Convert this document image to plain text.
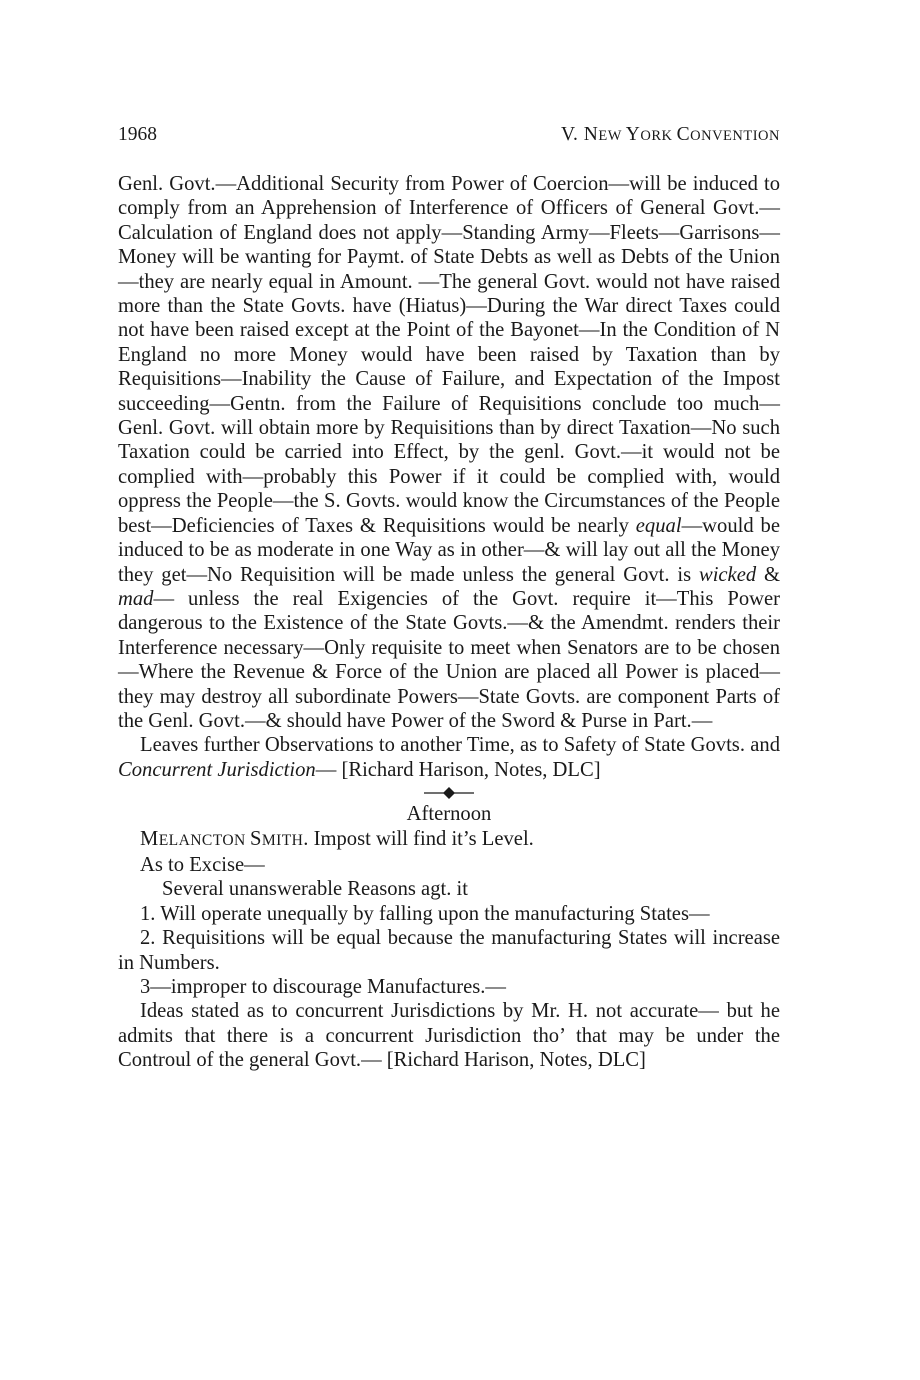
1968	V. NEW YORK CONVENTION

Genl. Govt.—Additional Security from Power of Coercion—will be induced to comply from an Apprehension of Interference of Officers of General Govt.—Calculation of England does not apply—Standing Army—Fleets—Garrisons—Money will be wanting for Paymt. of State Debts as well as Debts of the Union—they are nearly equal in Amount. —The general Govt. would not have raised more than the State Govts. have (Hiatus)—During the War direct Taxes could not have been raised except at the Point of the Bayonet—In the Condition of N England no more Money would have been raised by Taxation than by Requisitions—Inability the Cause of Failure, and Expectation of the Impost succeeding—Gentn. from the Failure of Requisitions conclude too much—Genl. Govt. will obtain more by Requisitions than by direct Taxation—No such Taxation could be carried into Effect, by the genl. Govt.—it would not be complied with—probably this Power if it could be complied with, would oppress the People—the S. Govts. would know the Circumstances of the People best—Deficiencies of Taxes & Requisitions would be nearly equal—would be induced to be as moderate in one Way as in other—& will lay out all the Money they get—No Requisition will be made unless the general Govt. is wicked & mad— unless the real Exigencies of the Govt. require it—This Power dangerous to the Existence of the State Govts.—& the Amendmt. renders their Interference necessary—Only requisite to meet when Senators are to be chosen—Where the Revenue & Force of the Union are placed all Power is placed—they may destroy all subordinate Powers—State Govts. are component Parts of the Genl. Govt.—& should have Power of the Sword & Purse in Part.—

Leaves further Observations to another Time, as to Safety of State Govts. and Concurrent Jurisdiction— [Richard Harison, Notes, DLC]

Afternoon

MELANCTON SMITH. Impost will find it’s Level.

As to Excise—

Several unanswerable Reasons agt. it

1. Will operate unequally by falling upon the manufacturing States—

2. Requisitions will be equal because the manufacturing States will increase in Numbers.

3—improper to discourage Manufactures.—

Ideas stated as to concurrent Jurisdictions by Mr. H. not accurate— but he admits that there is a concurrent Jurisdiction tho’ that may be under the Controul of the general Govt.— [Richard Harison, Notes, DLC]
